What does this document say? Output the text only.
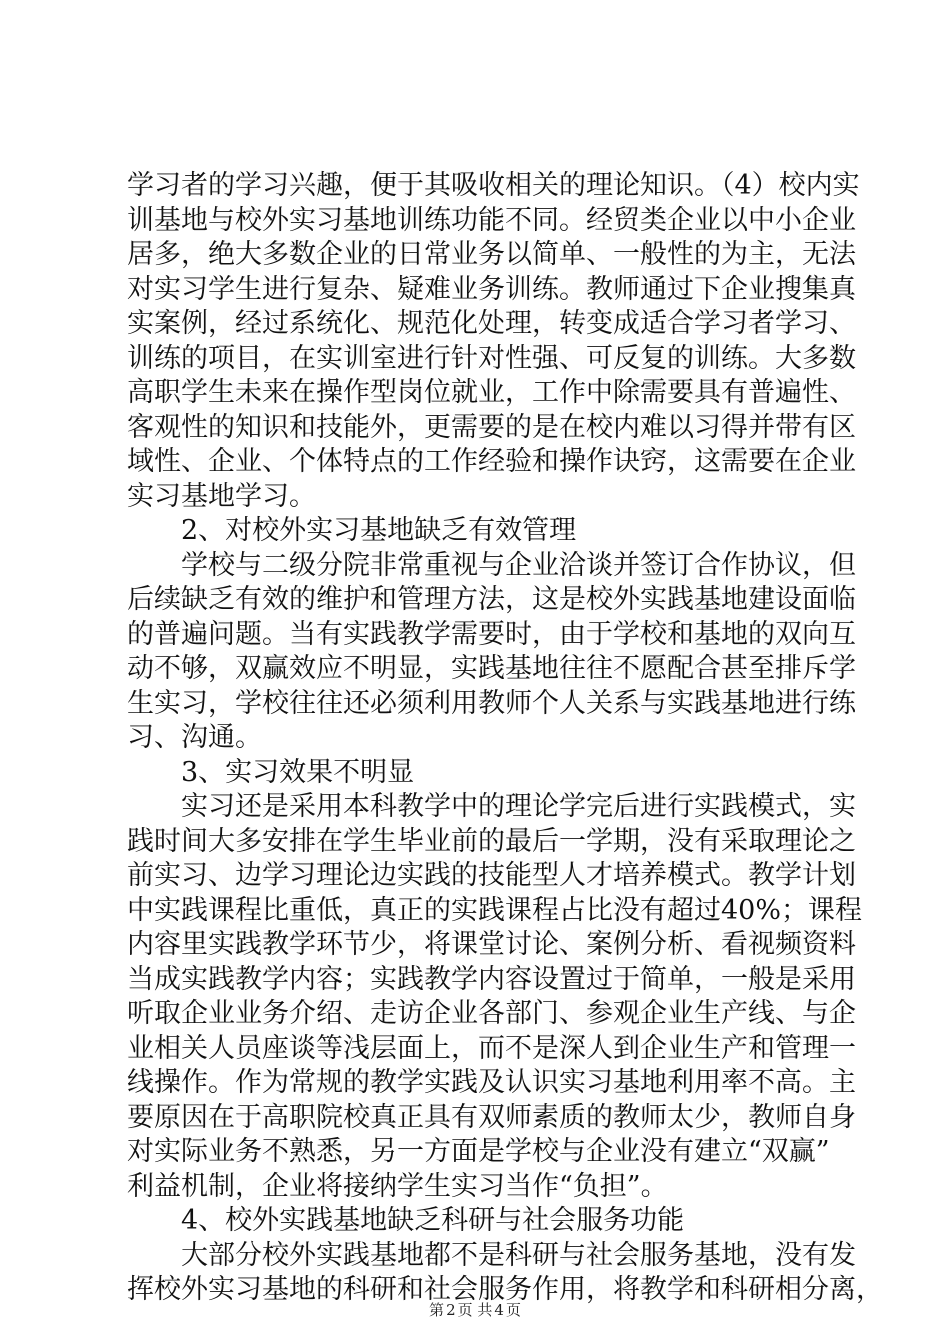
学习者的学习兴趣，便于其吸收相关的理论知识。（4）校内实
训基地与校外实习基地训练功能不同。经贸类企业以中小企业
居多，绝大多数企业的日常业务以简单、一般性的为主，无法
对实习学生进行复杂、疑难业务训练。教师通过下企业搜集真
实案例，经过系统化、规范化处理，转变成适合学习者学习、
训练的项目，在实训室进行针对性强、可反复的训练。大多数
高职学生未来在操作型岗位就业，工作中除需要具有普遍性、
客观性的知识和技能外，更需要的是在校内难以习得并带有区
域性、企业、个体特点的工作经验和操作诀窍，这需要在企业
实习基地学习。
　　2、对校外实习基地缺乏有效管理
　　学校与二级分院非常重视与企业洽谈并签订合作协议，但
后续缺乏有效的维护和管理方法，这是校外实践基地建设面临
的普遍问题。当有实践教学需要时，由于学校和基地的双向互
动不够，双赢效应不明显，实践基地往往不愿配合甚至排斥学
生实习，学校往往还必须利用教师个人关系与实践基地进行练
习、沟通。
　　3、实习效果不明显
　　实习还是采用本科教学中的理论学完后进行实践模式，实
践时间大多安排在学生毕业前的最后一学期，没有采取理论之
前实习、边学习理论边实践的技能型人才培养模式。教学计划
中实践课程比重低，真正的实践课程占比没有超过40%；课程
内容里实践教学环节少，将课堂讨论、案例分析、看视频资料
当成实践教学内容；实践教学内容设置过于简单，一般是采用
听取企业业务介绍、走访企业各部门、参观企业生产线、与企
业相关人员座谈等浅层面上，而不是深人到企业生产和管理一
线操作。作为常规的教学实践及认识实习基地利用率不高。主
要原因在于高职院校真正具有双师素质的教师太少，教师自身
对实际业务不熟悉，另一方面是学校与企业没有建立“双赢”
利益机制，企业将接纳学生实习当作“负担”。
　　4、校外实践基地缺乏科研与社会服务功能
　　大部分校外实践基地都不是科研与社会服务基地，没有发
挥校外实习基地的科研和社会服务作用，将教学和科研相分离，
第 2 页 共 4 页
